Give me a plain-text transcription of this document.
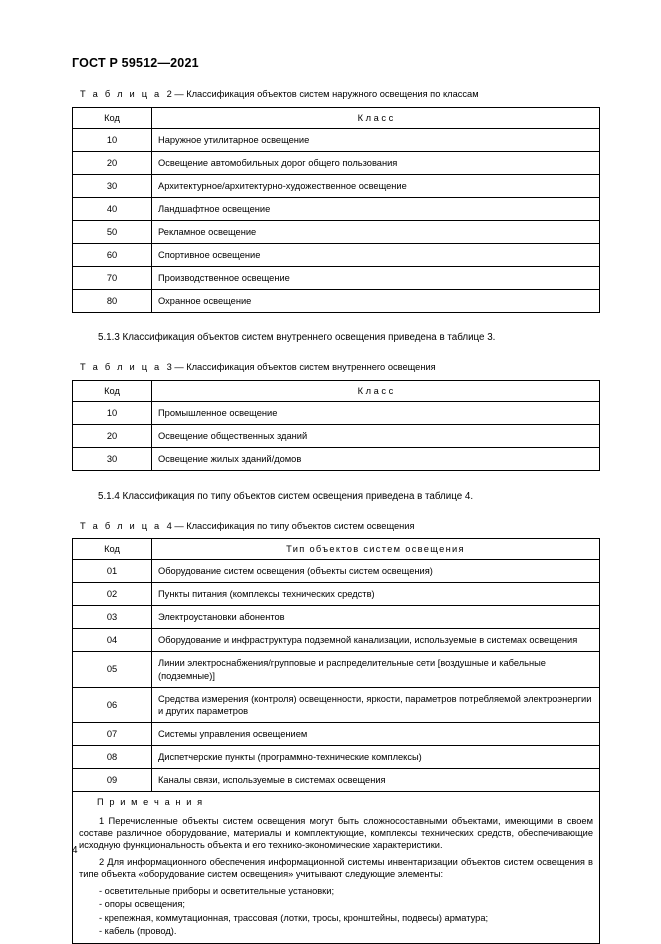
ГОСТ Р 59512—2021

Т а б л и ц а 2 — Классификация объектов систем наружного освещения по классам

Код	К л а с с
10	Наружное утилитарное освещение
20	Освещение автомобильных дорог общего пользования
30	Архитектурное/архитектурно-художественное освещение
40	Ландшафтное освещение
50	Рекламное освещение
60	Спортивное освещение
70	Производственное освещение
80	Охранное освещение

5.1.3 Классификация объектов систем внутреннего освещения приведена в таблице 3.

Т а б л и ц а 3 — Классификация объектов систем внутреннего освещения

Код	К л а с с
10	Промышленное освещение
20	Освещение общественных зданий
30	Освещение жилых зданий/домов

5.1.4 Классификация по типу объектов систем освещения приведена в таблице 4.

Т а б л и ц а 4 — Классификация по типу объектов систем освещения

Код	Тип объектов систем освещения
01	Оборудование систем освещения (объекты систем освещения)
02	Пункты питания (комплексы технических средств)
03	Электроустановки абонентов
04	Оборудование и инфраструктура подземной канализации, используемые в системах освещения
05	Линии электроснабжения/групповые и распределительные сети [воздушные и кабельные (подземные)]
06	Средства измерения (контроля) освещенности, яркости, параметров потребляемой электроэнергии и других параметров
07	Системы управления освещением
08	Диспетчерские пункты (программно-технические комплексы)
09	Каналы связи, используемые в системах освещения

П р и м е ч а н и я

1 Перечисленные объекты систем освещения могут быть сложносоставными объектами, имеющими в своем составе различное оборудование, материалы и комплектующие, комплексы технических средств, обеспечивающие исходную функциональность объекта и его технико-экономические характеристики.

2 Для информационного обеспечения информационной системы инвентаризации объектов систем освещения в типе объекта «оборудование систем освещения» учитывают следующие элементы:

- осветительные приборы и осветительные установки;
- опоры освещения;
- крепежная, коммутационная, трассовая (лотки, тросы, кронштейны, подвесы) арматура;
- кабель (провод).
4
